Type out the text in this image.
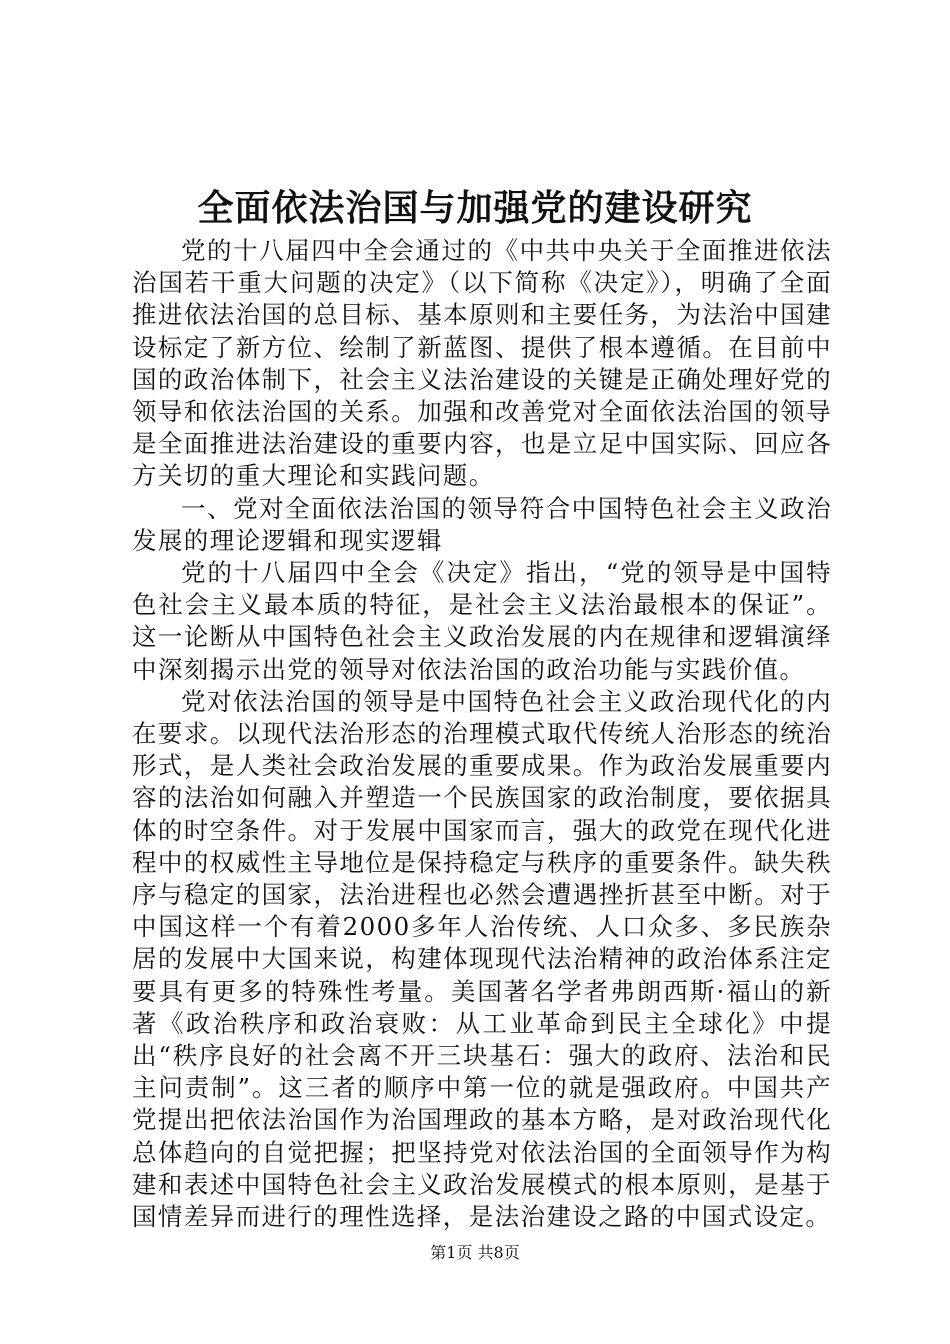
全面依法治国与加强党的建设研究

党的十八届四中全会通过的《中共中央关于全面推进依法治国若干重大问题的决定》（以下简称《决定》），明确了全面推进依法治国的总目标、基本原则和主要任务，为法治中国建设标定了新方位、绘制了新蓝图、提供了根本遵循。在目前中国的政治体制下，社会主义法治建设的关键是正确处理好党的领导和依法治国的关系。加强和改善党对全面依法治国的领导是全面推进法治建设的重要内容，也是立足中国实际、回应各方关切的重大理论和实践问题。

一、党对全面依法治国的领导符合中国特色社会主义政治发展的理论逻辑和现实逻辑

党的十八届四中全会《决定》指出，“党的领导是中国特色社会主义最本质的特征，是社会主义法治最根本的保证”。这一论断从中国特色社会主义政治发展的内在规律和逻辑演绎中深刻揭示出党的领导对依法治国的政治功能与实践价值。

党对依法治国的领导是中国特色社会主义政治现代化的内在要求。以现代法治形态的治理模式取代传统人治形态的统治形式，是人类社会政治发展的重要成果。作为政治发展重要内容的法治如何融入并塑造一个民族国家的政治制度，要依据具体的时空条件。对于发展中国家而言，强大的政党在现代化进程中的权威性主导地位是保持稳定与秩序的重要条件。缺失秩序与稳定的国家，法治进程也必然会遭遇挫折甚至中断。对于中国这样一个有着2000多年人治传统、人口众多、多民族杂居的发展中大国来说，构建体现现代法治精神的政治体系注定要具有更多的特殊性考量。美国著名学者弗朗西斯·福山的新著《政治秩序和政治衰败：从工业革命到民主全球化》中提出“秩序良好的社会离不开三块基石：强大的政府、法治和民主问责制”。这三者的顺序中第一位的就是强政府。中国共产党提出把依法治国作为治国理政的基本方略，是对政治现代化总体趋向的自觉把握；把坚持党对依法治国的全面领导作为构建和表述中国特色社会主义政治发展模式的根本原则，是基于国情差异而进行的理性选择，是法治建设之路的中国式设定。

第1页 共8页
